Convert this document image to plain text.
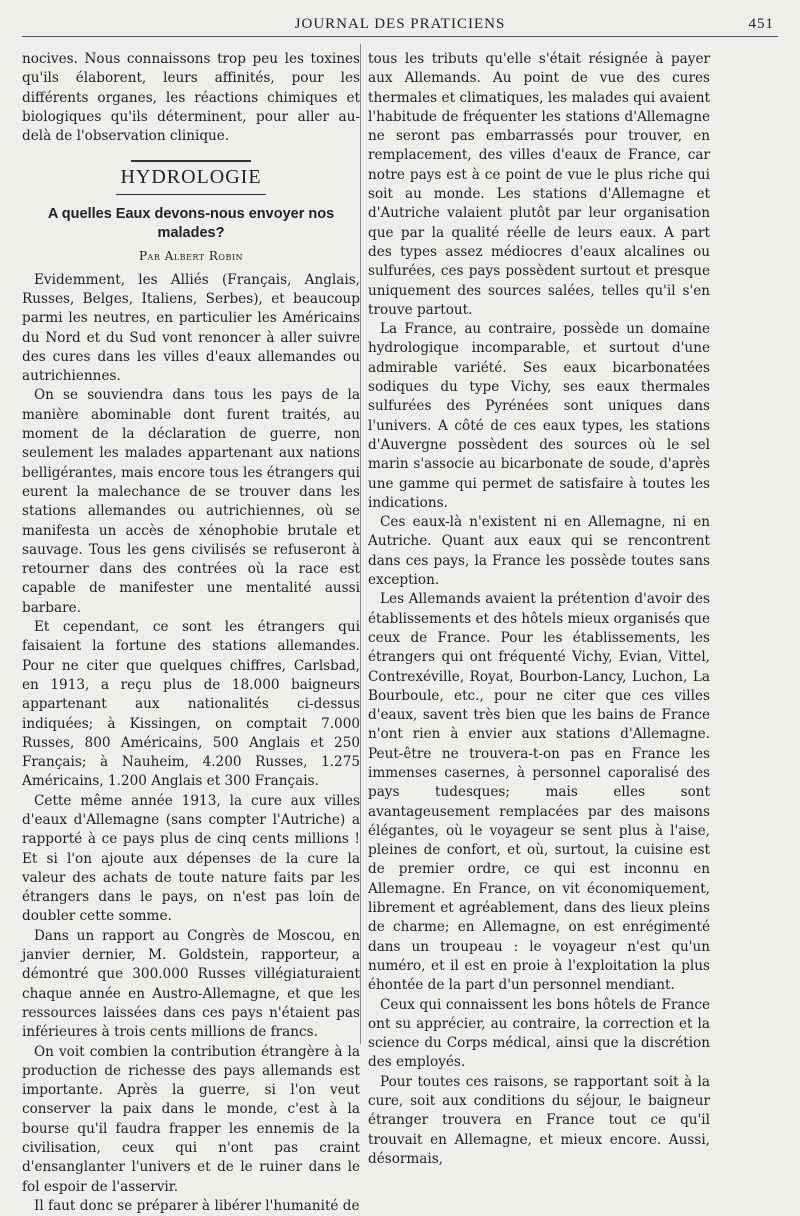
JOURNAL DES PRATICIENS	451

nocives. Nous connaissons trop peu les toxines qu'ils élaborent, leurs affinités, pour les différents organes, les réactions chimiques et biologiques qu'ils déterminent, pour aller au-delà de l'observation clinique.

HYDROLOGIE
A quelles Eaux devons-nous envoyer nos malades?
Par Albert Robin

Evidemment, les Alliés (Français, Anglais, Russes, Belges, Italiens, Serbes), et beaucoup parmi les neutres, en particulier les Américains du Nord et du Sud vont renoncer à aller suivre des cures dans les villes d'eaux allemandes ou autrichiennes.

On se souviendra dans tous les pays de la manière abominable dont furent traités, au moment de la déclaration de guerre, non seulement les malades appartenant aux nations belligérantes, mais encore tous les étrangers qui eurent la malechance de se trouver dans les stations allemandes ou autrichiennes, où se manifesta un accès de xénophobie brutale et sauvage. Tous les gens civilisés se refuseront à retourner dans des contrées où la race est capable de manifester une mentalité aussi barbare.

Et cependant, ce sont les étrangers qui faisaient la fortune des stations allemandes. Pour ne citer que quelques chiffres, Carlsbad, en 1913, a reçu plus de 18.000 baigneurs appartenant aux nationalités ci-dessus indiquées; à Kissingen, on comptait 7.000 Russes, 800 Américains, 500 Anglais et 250 Français; à Nauheim, 4.200 Russes, 1.275 Américains, 1.200 Anglais et 300 Français.

Cette même année 1913, la cure aux villes d'eaux d'Allemagne (sans compter l'Autriche) a rapporté à ce pays plus de cinq cents millions ! Et si l'on ajoute aux dépenses de la cure la valeur des achats de toute nature faits par les étrangers dans le pays, on n'est pas loin de doubler cette somme.

Dans un rapport au Congrès de Moscou, en janvier dernier, M. Goldstein, rapporteur, a démontré que 300.000 Russes villégiaturaient chaque année en Austro-Allemagne, et que les ressources laissées dans ces pays n'étaient pas inférieures à trois cents millions de francs.

On voit combien la contribution étrangère à la production de richesse des pays allemands est importante. Après la guerre, si l'on veut conserver la paix dans le monde, c'est à la bourse qu'il faudra frapper les ennemis de la civilisation, ceux qui n'ont pas craint d'ensanglanter l'univers et de le ruiner dans le fol espoir de l'asservir.

Il faut donc se préparer à libérer l'humanité de

tous les tributs qu'elle s'était résignée à payer aux Allemands. Au point de vue des cures thermales et climatiques, les malades qui avaient l'habitude de fréquenter les stations d'Allemagne ne seront pas embarrassés pour trouver, en remplacement, des villes d'eaux de France, car notre pays est à ce point de vue le plus riche qui soit au monde. Les stations d'Allemagne et d'Autriche valaient plutôt par leur organisation que par la qualité réelle de leurs eaux. A part des types assez médiocres d'eaux alcalines ou sulfurées, ces pays possèdent surtout et presque uniquement des sources salées, telles qu'il s'en trouve partout.

La France, au contraire, possède un domaine hydrologique incomparable, et surtout d'une admirable variété. Ses eaux bicarbonatées sodiques du type Vichy, ses eaux thermales sulfurées des Pyrénées sont uniques dans l'univers. A côté de ces eaux types, les stations d'Auvergne possèdent des sources où le sel marin s'associe au bicarbonate de soude, d'après une gamme qui permet de satisfaire à toutes les indications.

Ces eaux-là n'existent ni en Allemagne, ni en Autriche. Quant aux eaux qui se rencontrent dans ces pays, la France les possède toutes sans exception.

Les Allemands avaient la prétention d'avoir des établissements et des hôtels mieux organisés que ceux de France. Pour les établissements, les étrangers qui ont fréquenté Vichy, Evian, Vittel, Contrexéville, Royat, Bourbon-Lancy, Luchon, La Bourboule, etc., pour ne citer que ces villes d'eaux, savent très bien que les bains de France n'ont rien à envier aux stations d'Allemagne. Peut-être ne trouvera-t-on pas en France les immenses casernes, à personnel caporalisé des pays tudesques; mais elles sont avantageusement remplacées par des maisons élégantes, où le voyageur se sent plus à l'aise, pleines de confort, et où, surtout, la cuisine est de premier ordre, ce qui est inconnu en Allemagne. En France, on vit économiquement, librement et agréablement, dans des lieux pleins de charme; en Allemagne, on est enrégimenté dans un troupeau : le voyageur n'est qu'un numéro, et il est en proie à l'exploitation la plus éhontée de la part d'un personnel mendiant.

Ceux qui connaissent les bons hôtels de France ont su apprécier, au contraire, la correction et la science du Corps médical, ainsi que la discrétion des employés.

Pour toutes ces raisons, se rapportant soit à la cure, soit aux conditions du séjour, le baigneur étranger trouvera en France tout ce qu'il trouvait en Allemagne, et mieux encore. Aussi, désormais,
